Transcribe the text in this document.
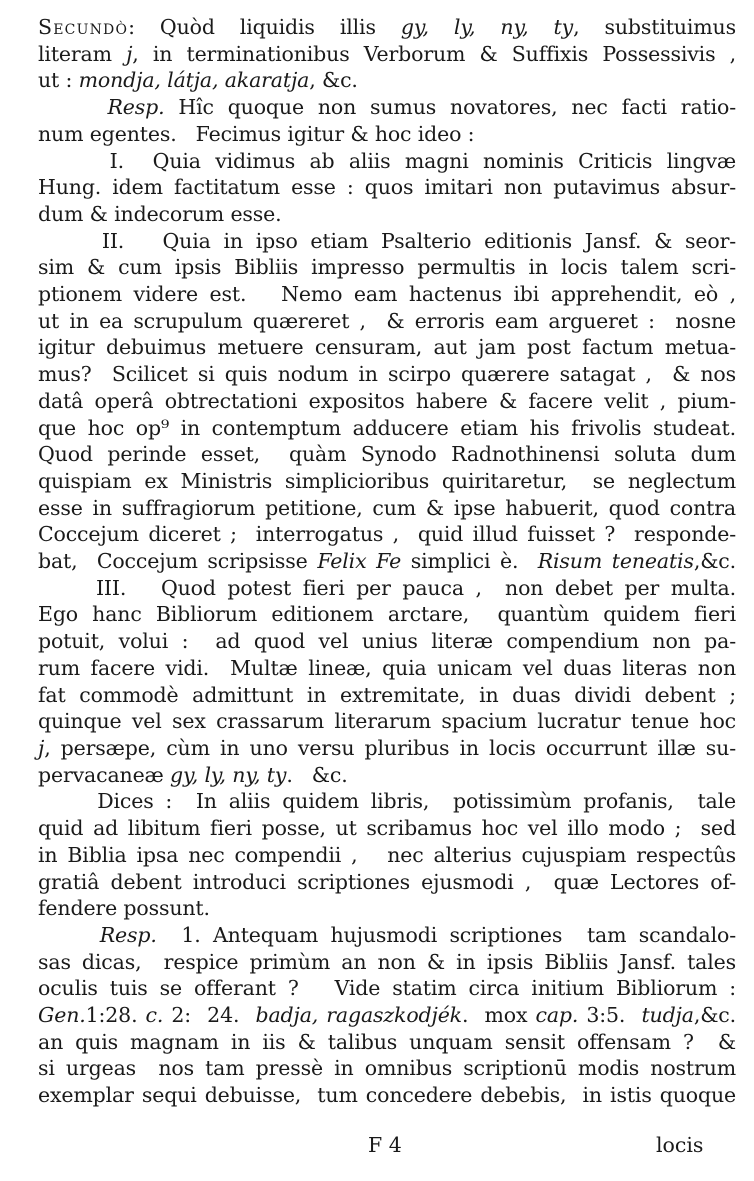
Secundò: Quòd liquidis illis gy, ly, ny, ty, substituimus
literam j, in terminationibus Verborum & Suffixis Possessivis ,
ut : mondja, látja, akaratja, &c.
Resp. Hîc quoque non sumus novatores, nec facti ratio-
num egentes.   Fecimus igitur & hoc ideo :
I.  Quia vidimus ab aliis magni nominis Criticis lingvæ
Hung. idem factitatum esse : quos imitari non putavimus absur-
dum & indecorum esse.
II.   Quia in ipso etiam Psalterio editionis Jansf. & seor-
sim & cum ipsis Bibliis impresso permultis in locis talem scri-
ptionem videre est.   Nemo eam hactenus ibi apprehendit, eò ,
ut in ea scrupulum quæreret ,  & erroris eam argueret :  nosne
igitur debuimus metuere censuram, aut jam post factum metua-
mus?  Scilicet si quis nodum in scirpo quærere satagat ,  & nos
datâ operâ obtrectationi expositos habere & facere velit , pium-
que hoc op⁹ in contemptum adducere etiam his frivolis studeat.
Quod perinde esset,  quàm Synodo Radnothinensi soluta dum
quispiam ex Ministris simplicioribus quiritaretur,  se neglectum
esse in suffragiorum petitione, cum & ipse habuerit, quod contra
Coccejum diceret ;  interrogatus ,  quid illud fuisset ?  responde-
bat,  Coccejum scripsisse Felix Fe simplici è.  Risum teneatis,&c.
III.   Quod potest fieri per pauca ,  non debet per multa.
Ego hanc Bibliorum editionem arctare,  quantùm quidem fieri
potuit, volui :  ad quod vel unius literæ compendium non pa-
rum facere vidi.  Multæ lineæ, quia unicam vel duas literas non
fat commodè admittunt in extremitate, in duas dividi debent ;
quinque vel sex crassarum literarum spacium lucratur tenue hoc
j, persæpe, cùm in uno versu pluribus in locis occurrunt illæ su-
pervacaneæ gy, ly, ny, ty.   &c.
Dices :  In aliis quidem libris,  potissimùm profanis,  tale
quid ad libitum fieri posse, ut scribamus hoc vel illo modo ;  sed
in Biblia ipsa nec compendii ,   nec alterius cujuspiam respectûs
gratiâ debent introduci scriptiones ejusmodi ,  quæ Lectores of-
fendere possunt.
Resp.  1. Antequam hujusmodi scriptiones  tam scandalo-
sas dicas,  respice primùm an non & in ipsis Bibliis Jansf. tales
oculis tuis se offerant ?   Vide statim circa initium Bibliorum :
Gen.1:28. c. 2:  24.  badja, ragaszkodjék.  mox cap. 3:5.  tudja,&c.
an quis magnam in iis & talibus unquam sensit offensam ?  &
si urgeas  nos tam pressè in omnibus scriptionū modis nostrum
exemplar sequi debuisse,  tum concedere debebis,  in istis quoque
F 4	locis
